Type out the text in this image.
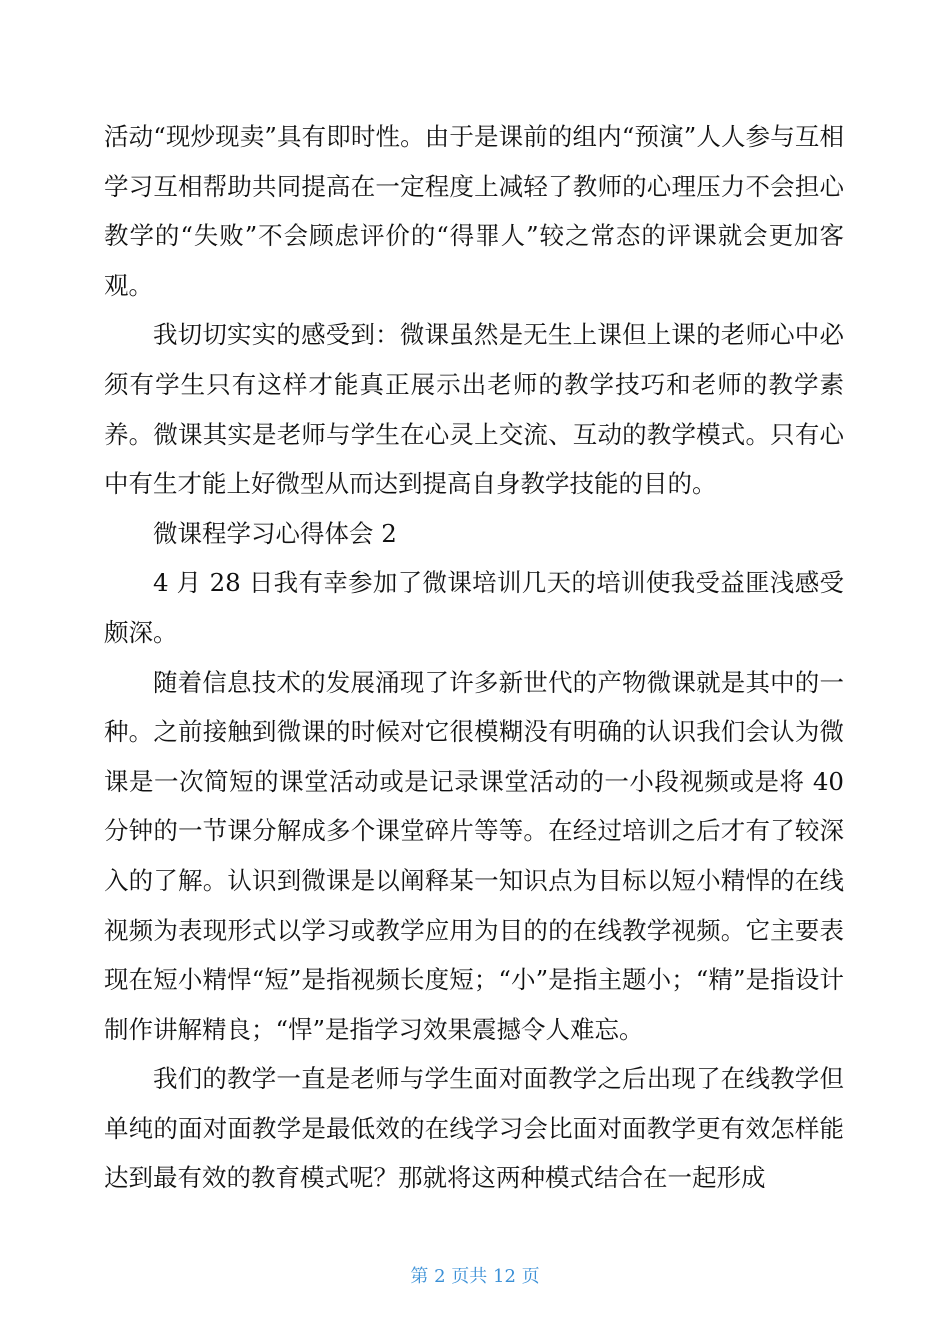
活动“现炒现卖”具有即时性。由于是课前的组内“预演”人人参与互相学习互相帮助共同提高在一定程度上减轻了教师的心理压力不会担心教学的“失败”不会顾虑评价的“得罪人”较之常态的评课就会更加客观。

我切切实实的感受到：微课虽然是无生上课但上课的老师心中必须有学生只有这样才能真正展示出老师的教学技巧和老师的教学素养。微课其实是老师与学生在心灵上交流、互动的教学模式。只有心中有生才能上好微型从而达到提高自身教学技能的目的。

微课程学习心得体会 2

4 月 28 日我有幸参加了微课培训几天的培训使我受益匪浅感受颇深。

随着信息技术的发展涌现了许多新世代的产物微课就是其中的一种。之前接触到微课的时候对它很模糊没有明确的认识我们会认为微课是一次简短的课堂活动或是记录课堂活动的一小段视频或是将 40 分钟的一节课分解成多个课堂碎片等等。在经过培训之后才有了较深入的了解。认识到微课是以阐释某一知识点为目标以短小精悍的在线视频为表现形式以学习或教学应用为目的的在线教学视频。它主要表现在短小精悍“短”是指视频长度短；“小”是指主题小；“精”是指设计制作讲解精良；“悍”是指学习效果震撼令人难忘。

我们的教学一直是老师与学生面对面教学之后出现了在线教学但单纯的面对面教学是最低效的在线学习会比面对面教学更有效怎样能达到最有效的教育模式呢？那就将这两种模式结合在一起形成

第 2 页共 12 页
